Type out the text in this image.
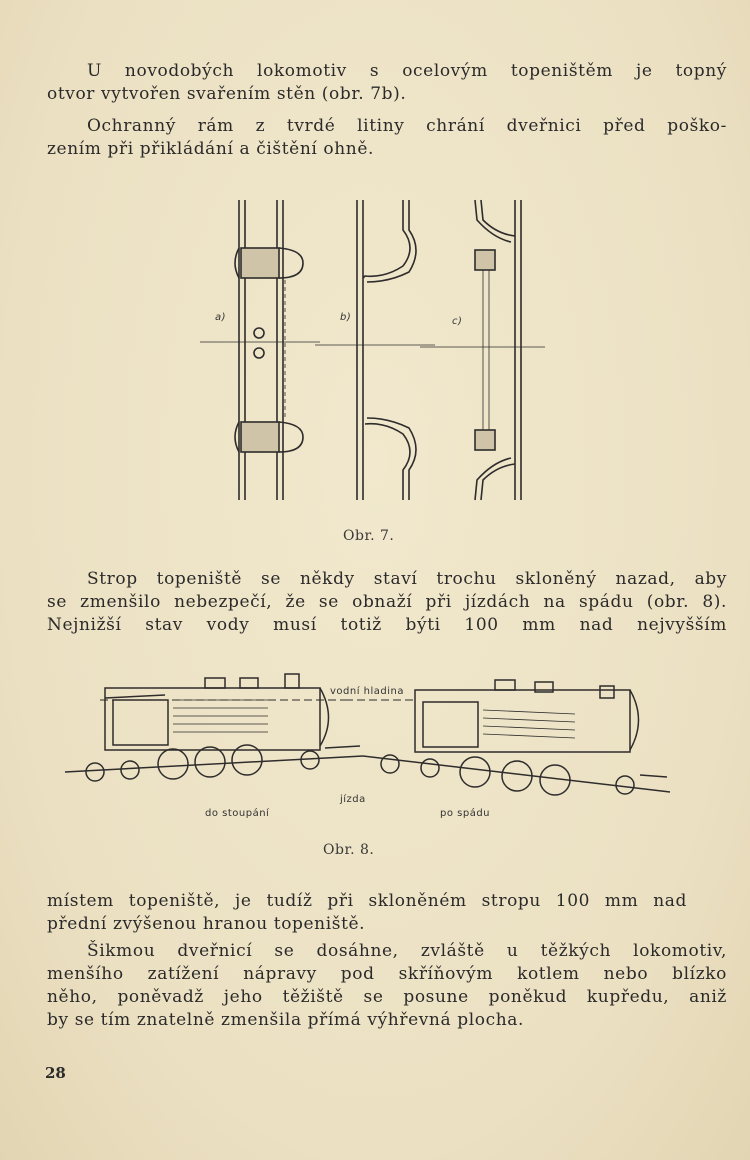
U novodobých lokomotiv s ocelovým topeništěm je topný
otvor vytvořen svařením stěn (obr. 7b).
Ochranný rám z tvrdé litiny chrání dveřnici před poško-
zením při přikládání a čištění ohně.
a)	b)	c)
Obr. 7.
Strop topeniště se někdy staví trochu skloněný nazad, aby
se zmenšilo nebezpečí, že se obnaží při jízdách na spádu (obr. 8).
Nejnižší stav vody musí totiž býti 100 mm nad nejvyšším
vodní hladina
jízda
do stoupání	po spádu
Obr. 8.
místem topeniště, je tudíž při skloněném stropu 100 mm nad
přední zvýšenou hranou topeniště.
Šikmou dveřnicí se dosáhne, zvláště u těžkých lokomotiv,
menšího zatížení nápravy pod skříňovým kotlem nebo blízko
něho, poněvadž jeho těžiště se posune poněkud kupředu, aniž
by se tím znatelně zmenšila přímá výhřevná plocha.
28
